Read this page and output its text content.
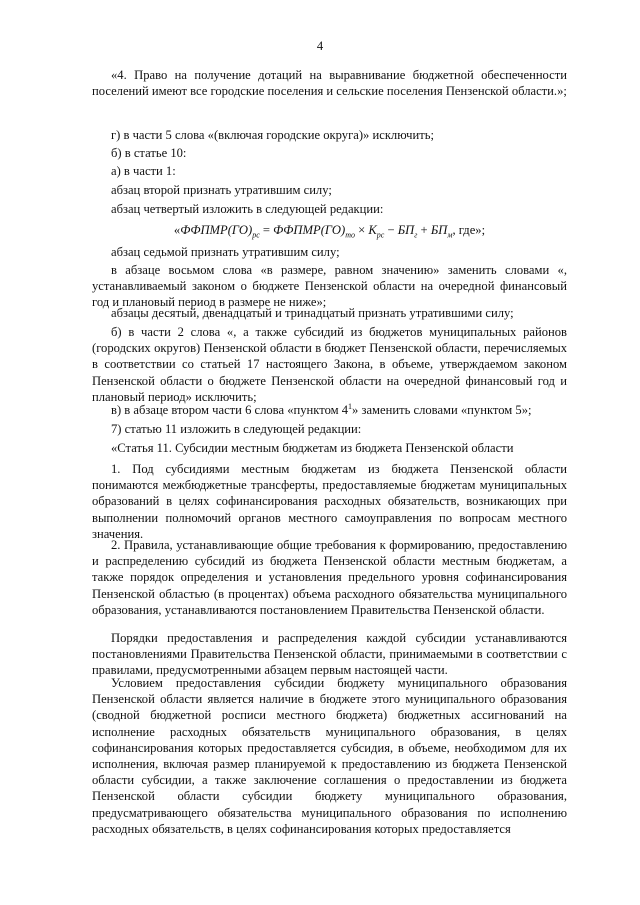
4

«4. Право на получение дотаций на выравнивание бюджетной обеспеченности поселений имеют все городские поселения и сельские поселения Пензенской области.»;

г) в части 5 слова «(включая городские округа)» исключить;

б) в статье 10:

а) в части 1:

абзац второй признать утратившим силу;

абзац четвертый изложить в следующей редакции:

«$ФФПМР(ГО)_{рс}$ = $ФФПМР(ГО)_{то} \times K_{рс} - БП_г + БП_м$, где»;

абзац седьмой признать утратившим силу;

в абзаце восьмом слова «в размере, равном значению» заменить словами «, устанавливаемый законом о бюджете Пензенской области на очередной финансовый год и плановый период в размере не ниже»;

абзацы десятый, двенадцатый и тринадцатый признать утратившими силу;

б) в части 2 слова «, а также субсидий из бюджетов муниципальных районов (городских округов) Пензенской области в бюджет Пензенской области, перечисляемых в соответствии со статьей 17 настоящего Закона, в объеме, утверждаемом законом Пензенской области о бюджете Пензенской области на очередной финансовый год и плановый период» исключить;

в) в абзаце втором части 6 слова «пунктом $4^1$» заменить словами «пунктом 5»;

7) статью 11 изложить в следующей редакции:

«Статья 11. Субсидии местным бюджетам из бюджета Пензенской области

1. Под субсидиями местным бюджетам из бюджета Пензенской области понимаются межбюджетные трансферты, предоставляемые бюджетам муниципальных образований в целях софинансирования расходных обязательств, возникающих при выполнении полномочий органов местного самоуправления по вопросам местного значения.

2. Правила, устанавливающие общие требования к формированию, предоставлению и распределению субсидий из бюджета Пензенской области местным бюджетам, а также порядок определения и установления предельного уровня софинансирования Пензенской областью (в процентах) объема расходного обязательства муниципального образования, устанавливаются постановлением Правительства Пензенской области.

Порядки предоставления и распределения каждой субсидии устанавливаются постановлениями Правительства Пензенской области, принимаемыми в соответствии с правилами, предусмотренными абзацем первым настоящей части.

Условием предоставления субсидии бюджету муниципального образования Пензенской области является наличие в бюджете этого муниципального образования (сводной бюджетной росписи местного бюджета) бюджетных ассигнований на исполнение расходных обязательств муниципального образования, в целях софинансирования которых предоставляется субсидия, в объеме, необходимом для их исполнения, включая размер планируемой к предоставлению из бюджета Пензенской области субсидии, а также заключение соглашения о предоставлении из бюджета Пензенской области субсидии бюджету муниципального образования, предусматривающего обязательства муниципального образования по исполнению расходных обязательств, в целях софинансирования которых предоставляется
